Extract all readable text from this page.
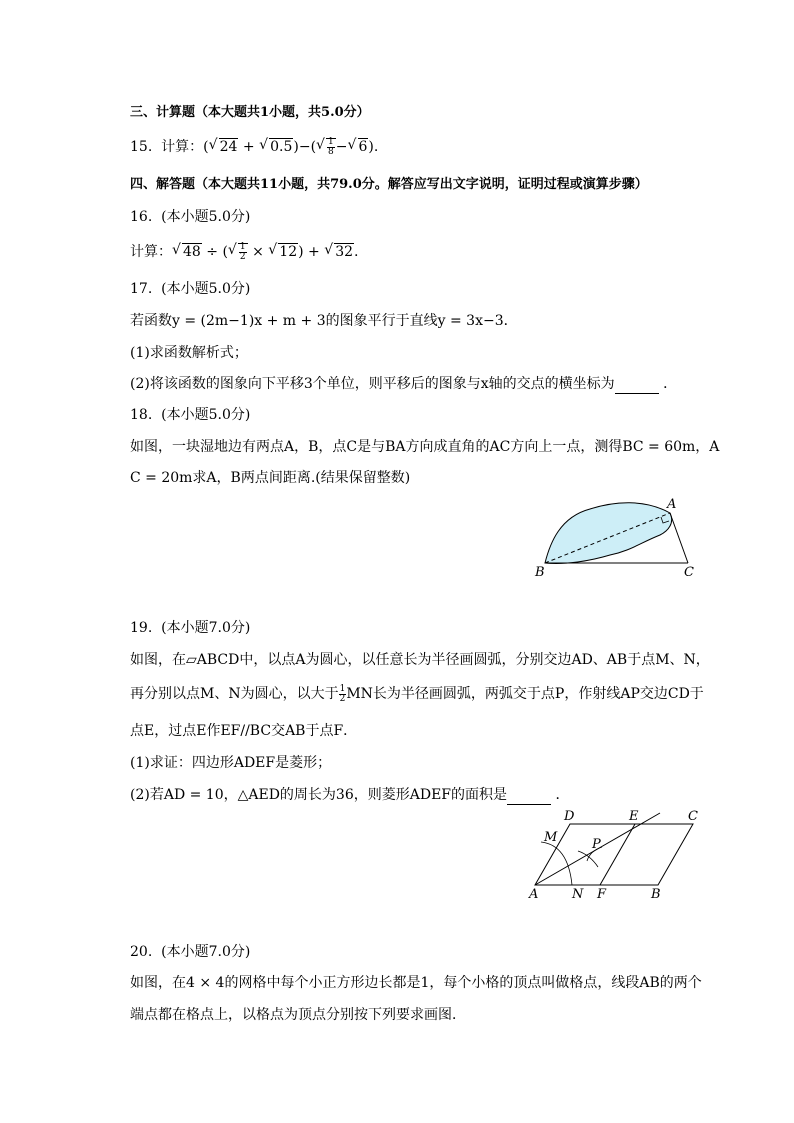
三、计算题（本大题共1小题，共5.0分）
15. 计算：( √ 24 + √ 0.5)−( √ $\frac{1}{8}$ − √ 6).
四、解答题（本大题共11小题，共79.0分。解答应写出文字说明，证明过程或演算步骤）
16. (本小题5.0分)
计算： √ 48 ÷ ( √ $\frac{1}{2}$ × √ 12) + √ 32.
17. (本小题5.0分)
若函数y = (2m−1)x + m + 3的图象平行于直线y = 3x−3．
(1)求函数解析式；
(2)将该函数的图象向下平移3个单位，则平移后的图象与x轴的交点的横坐标为	．
18. (本小题5.0分)
如图，一块湿地边有两点A，B，点C是与BA方向成直角的AC方向上一点，测得BC = 60m，A
C = 20m求A，B两点间距离.(结果保留整数)
A
B	C
19. (本小题7.0分)
如图，在▱ABCD中，以点A为圆心，以任意长为半径画圆弧，分别交边AD、AB于点M、N，
再分别以点M、N为圆心，以大于 $\frac{1}{2}$ MN长为半径画圆弧，两弧交于点P，作射线AP交边CD于
点E，过点E作EF//BC交AB于点F．
(1)求证：四边形ADEF是菱形；
(2)若AD = 10，△AED的周长为36，则菱形ADEF的面积是	．
M
D	E	C
P
A	N F	B
20. (本小题7.0分)
如图，在4 × 4的网格中每个小正方形边长都是1，每个小格的顶点叫做格点，线段AB的两个
端点都在格点上，以格点为顶点分别按下列要求画图．
